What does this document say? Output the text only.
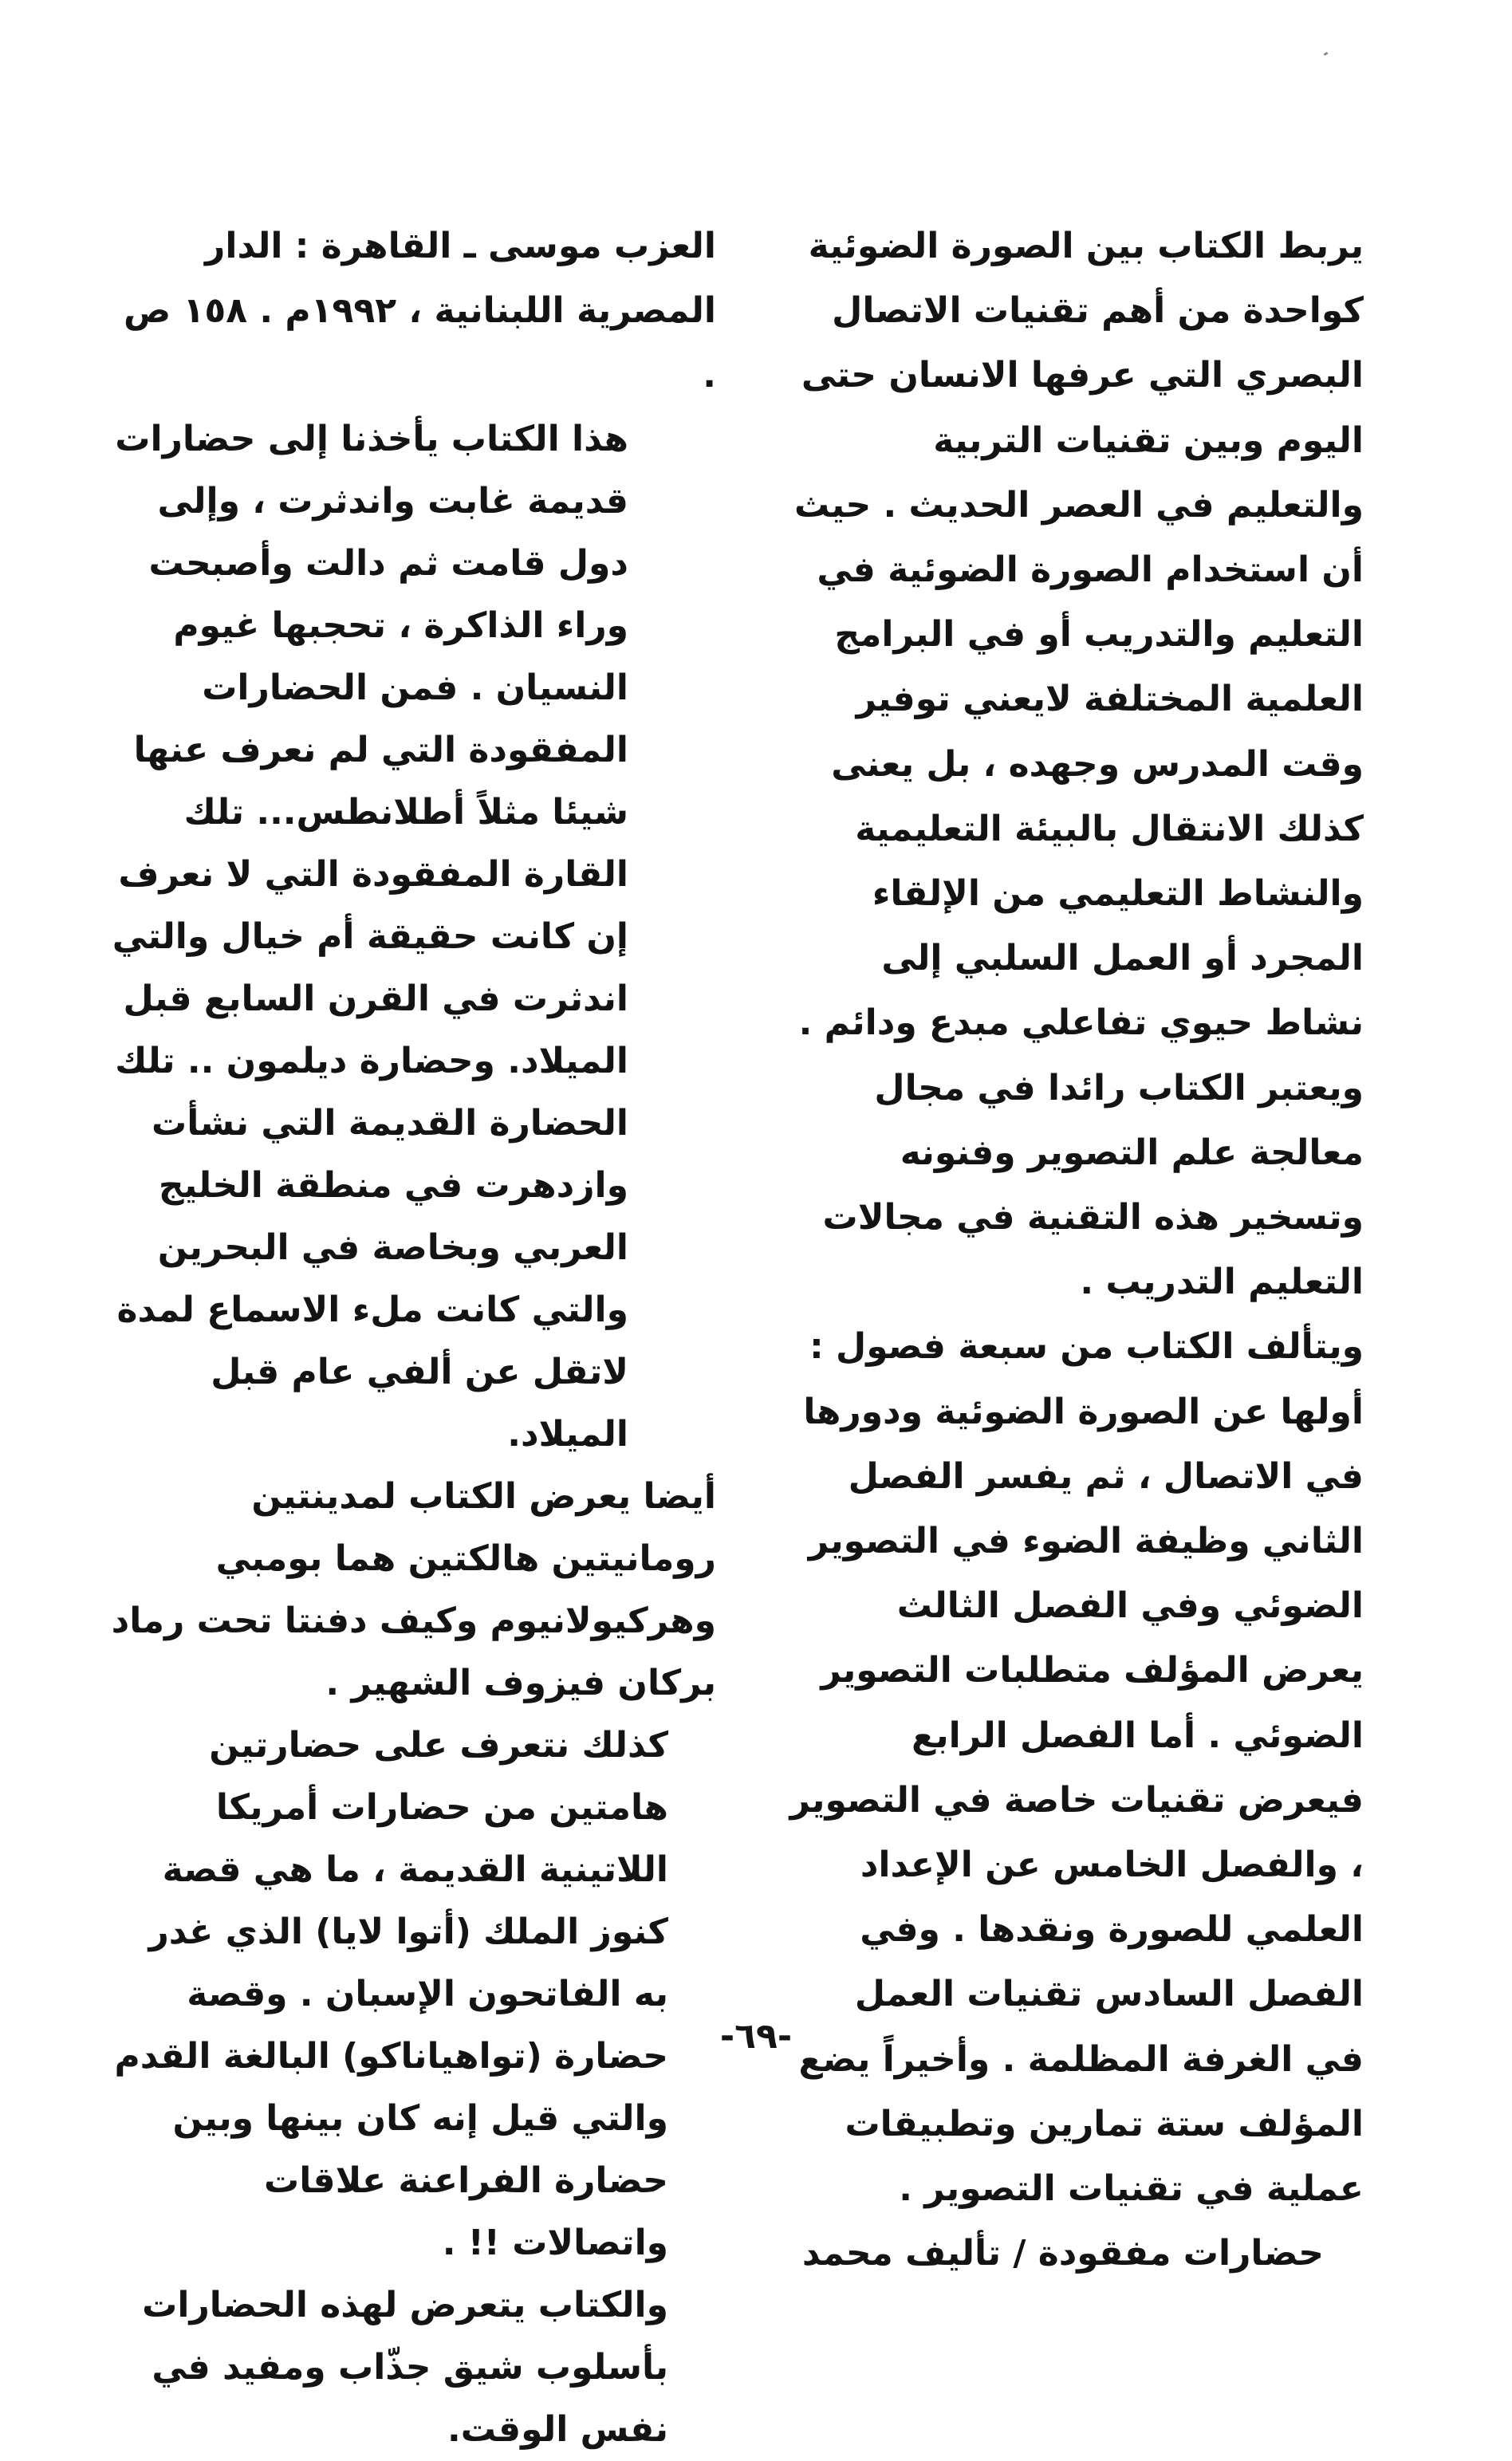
يربط الكتاب بين الصورة الضوئية كواحدة من أهم تقنيات الاتصال البصري التي عرفها الانسان حتى اليوم وبين تقنيات التربية والتعليم في العصر الحديث . حيث أن استخدام الصورة الضوئية في التعليم والتدريب أو في البرامج العلمية المختلفة لايعني توفير وقت المدرس وجهده ، بل يعنى كذلك الانتقال بالبيئة التعليمية والنشاط التعليمي من الإلقاء المجرد أو العمل السلبي إلى نشاط حيوي تفاعلي مبدع ودائم .

ويعتبر الكتاب رائدا في مجال معالجة علم التصوير وفنونه وتسخير هذه التقنية في مجالات التعليم التدريب .

ويتألف الكتاب من سبعة فصول : أولها عن الصورة الضوئية ودورها في الاتصال ، ثم يفسر الفصل الثاني وظيفة الضوء في التصوير الضوئي وفي الفصل الثالث يعرض المؤلف متطلبات التصوير الضوئي . أما الفصل الرابع فيعرض تقنيات خاصة في التصوير ، والفصل الخامس عن الإعداد العلمي للصورة ونقدها . وفي الفصل السادس تقنيات العمل في الغرفة المظلمة . وأخيراً يضع المؤلف ستة تمارين وتطبيقات عملية في تقنيات التصوير .

حضارات مفقودة / تأليف محمد

العزب موسى ـ القاهرة : الدار المصرية اللبنانية ، ١٩٩٢م . ١٥٨ ص .

هذا الكتاب يأخذنا إلى حضارات قديمة غابت واندثرت ، وإلى دول قامت ثم دالت وأصبحت وراء الذاكرة ، تحجبها غيوم النسيان . فمن الحضارات المفقودة التي لم نعرف عنها شيئا مثلاً أطلانطس... تلك القارة المفقودة التي لا نعرف إن كانت حقيقة أم خيال والتي اندثرت في القرن السابع قبل الميلاد. وحضارة ديلمون .. تلك الحضارة القديمة التي نشأت وازدهرت في منطقة الخليج العربي وبخاصة في البحرين والتي كانت ملء الاسماع لمدة لاتقل عن ألفي عام قبل الميلاد.

أيضا يعرض الكتاب لمدينتين رومانيتين هالكتين هما بومبي وهركيولانيوم وكيف دفنتا تحت رماد بركان فيزوف الشهير .

كذلك نتعرف على حضارتين هامتين من حضارات أمريكا اللاتينية القديمة ، ما هي قصة كنوز الملك (أتوا لايا) الذي غدر به الفاتحون الإسبان . وقصة حضارة (تواهياناكو) البالغة القدم والتي قيل إنه كان بينها وبين حضارة الفراعنة علاقات واتصالات !! .

والكتاب يتعرض لهذه الحضارات بأسلوب شيق جذّاب ومفيد في نفس الوقت.

-٦٩-
